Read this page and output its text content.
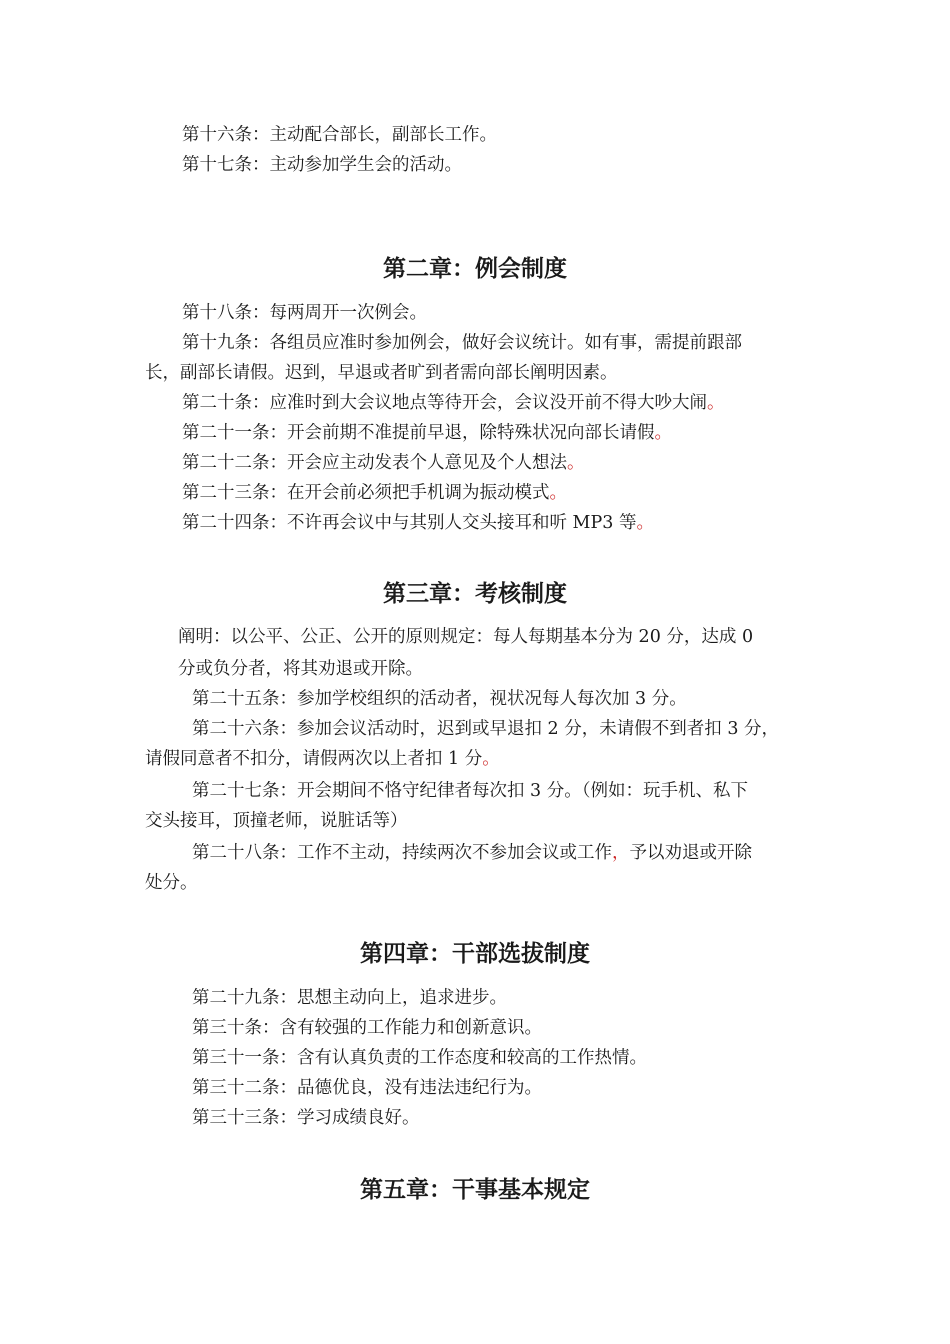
第十六条：主动配合部长，副部长工作。
第十七条：主动参加学生会的活动。
第二章：例会制度
第十八条：每两周开一次例会。
第十九条：各组员应准时参加例会，做好会议统计。如有事，需提前跟部
长，副部长请假。迟到，早退或者旷到者需向部长阐明因素。
第二十条：应准时到大会议地点等待开会，会议没开前不得大吵大闹。
第二十一条：开会前期不准提前早退，除特殊状况向部长请假。
第二十二条：开会应主动发表个人意见及个人想法。
第二十三条：在开会前必须把手机调为振动模式。
第二十四条：不许再会议中与其别人交头接耳和听 MP3 等。
第三章：考核制度
阐明：以公平、公正、公开的原则规定：每人每期基本分为 20 分，达成 0
分或负分者，将其劝退或开除。
第二十五条：参加学校组织的活动者，视状况每人每次加 3 分。
第二十六条：参加会议活动时，迟到或早退扣 2 分，未请假不到者扣 3 分，
请假同意者不扣分，请假两次以上者扣 1 分。
第二十七条：开会期间不恪守纪律者每次扣 3 分。（例如：玩手机、私下
交头接耳，顶撞老师，说脏话等）
第二十八条：工作不主动，持续两次不参加会议或工作，予以劝退或开除
处分。
第四章：干部选拔制度
第二十九条：思想主动向上，追求进步。
第三十条：含有较强的工作能力和创新意识。
第三十一条：含有认真负责的工作态度和较高的工作热情。
第三十二条：品德优良，没有违法违纪行为。
第三十三条：学习成绩良好。
第五章：干事基本规定
